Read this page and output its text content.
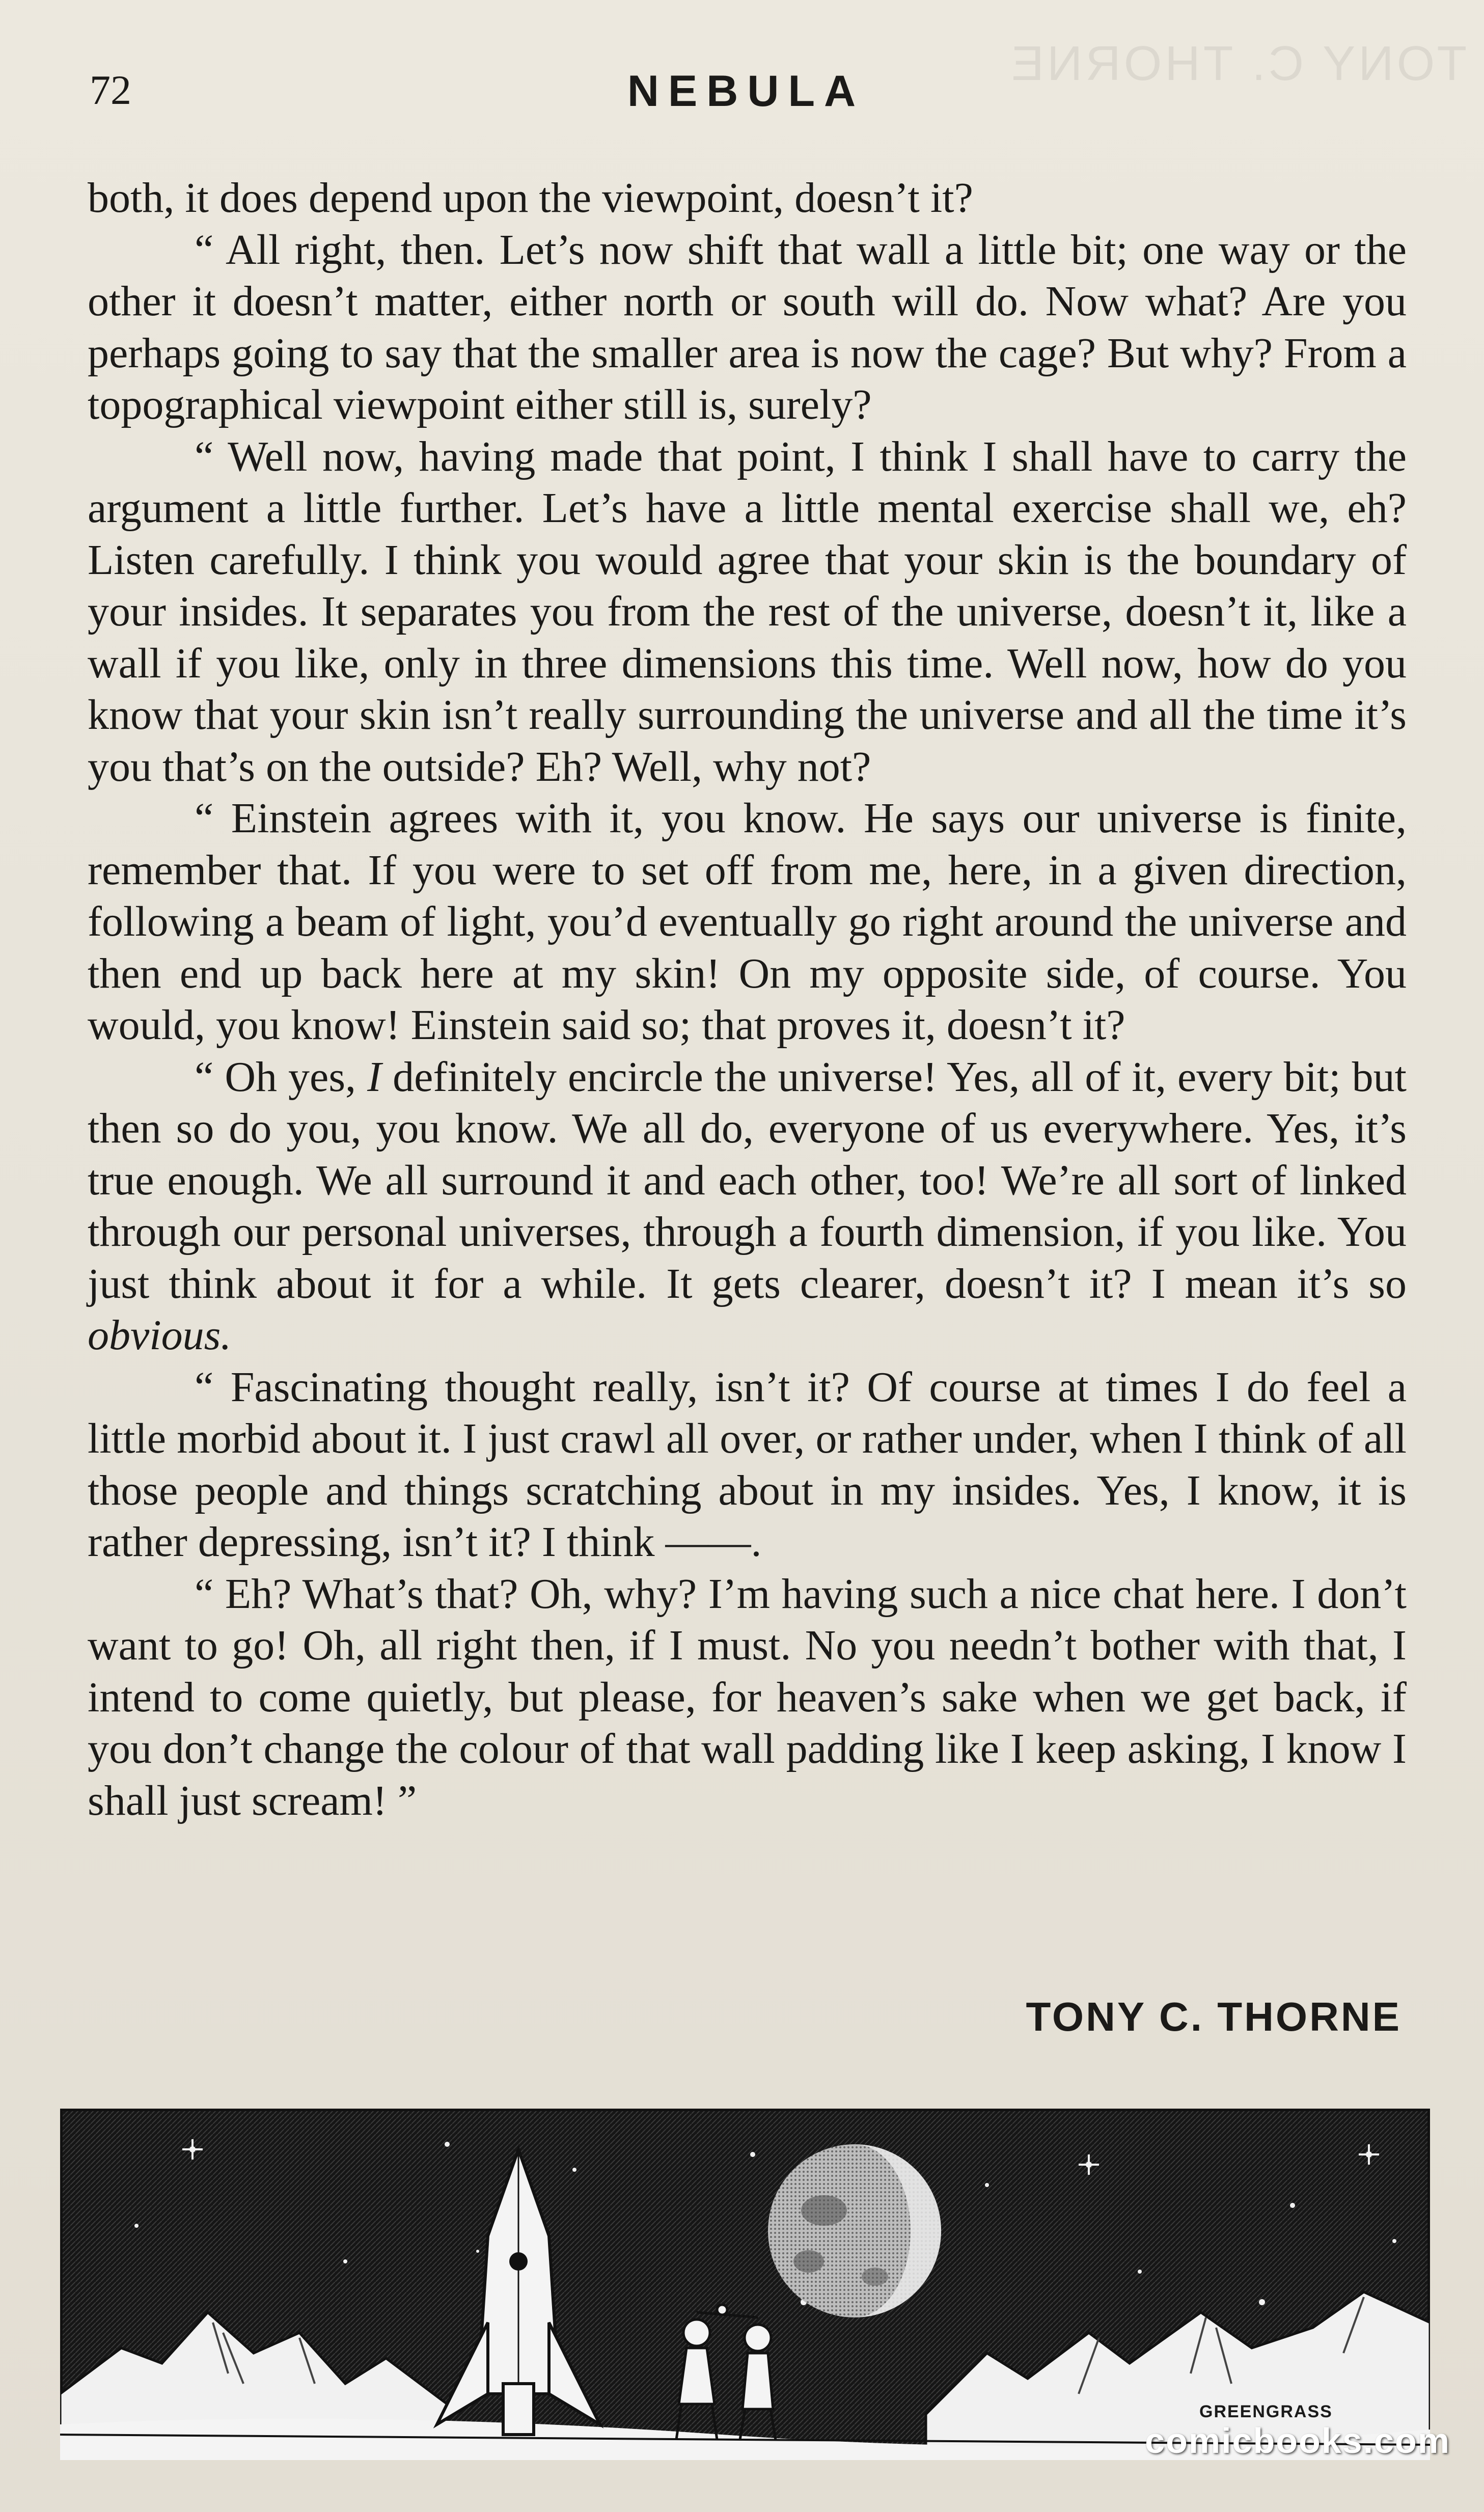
TONY C. THORNE
72	NEBULA

both, it does depend upon the viewpoint, doesn’t it?

“ All right, then. Let’s now shift that wall a little bit; one way or the other it doesn’t matter, either north or south will do. Now what? Are you perhaps going to say that the smaller area is now the cage? But why? From a topographical viewpoint either still is, surely?

“ Well now, having made that point, I think I shall have to carry the argument a little further. Let’s have a little mental exercise shall we, eh? Listen carefully. I think you would agree that your skin is the boundary of your insides. It separates you from the rest of the universe, doesn’t it, like a wall if you like, only in three dimensions this time. Well now, how do you know that your skin isn’t really surrounding the universe and all the time it’s you that’s on the outside? Eh? Well, why not?

“ Einstein agrees with it, you know. He says our universe is finite, remember that. If you were to set off from me, here, in a given direction, following a beam of light, you’d eventually go right around the universe and then end up back here at my skin! On my opposite side, of course. You would, you know! Einstein said so; that proves it, doesn’t it?

“ Oh yes, I definitely encircle the universe! Yes, all of it, every bit; but then so do you, you know. We all do, everyone of us everywhere. Yes, it’s true enough. We all surround it and each other, too! We’re all sort of linked through our personal universes, through a fourth dimension, if you like. You just think about it for a while. It gets clearer, doesn’t it? I mean it’s so obvious.

“ Fascinating thought really, isn’t it? Of course at times I do feel a little morbid about it. I just crawl all over, or rather under, when I think of all those people and things scratching about in my insides. Yes, I know, it is rather depressing, isn’t it? I think ——.

“ Eh? What’s that? Oh, why? I’m having such a nice chat here. I don’t want to go! Oh, all right then, if I must. No you needn’t bother with that, I intend to come quietly, but please, for heaven’s sake when we get back, if you don’t change the colour of that wall padding like I keep asking, I know I shall just scream! ”

TONY C. THORNE
GREENGRASS
comicbooks.com
